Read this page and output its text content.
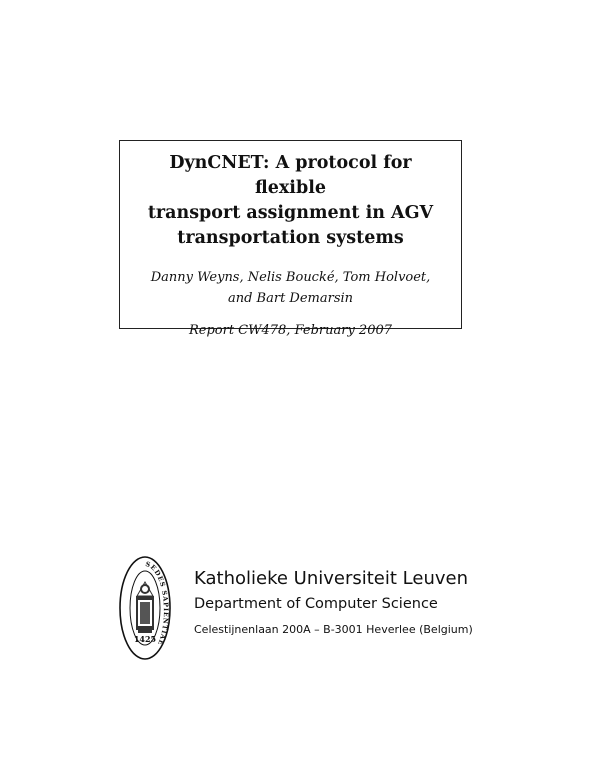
DynCNET: A protocol for flexible
transport assignment in AGV
transportation systems
Danny Weyns, Nelis Boucké, Tom Holvoet,
and Bart Demarsin
Report CW478, February 2007
SEDES SAPIENTIAE
1425
Katholieke Universiteit Leuven
Department of Computer Science
Celestijnenlaan 200A – B-3001 Heverlee (Belgium)
